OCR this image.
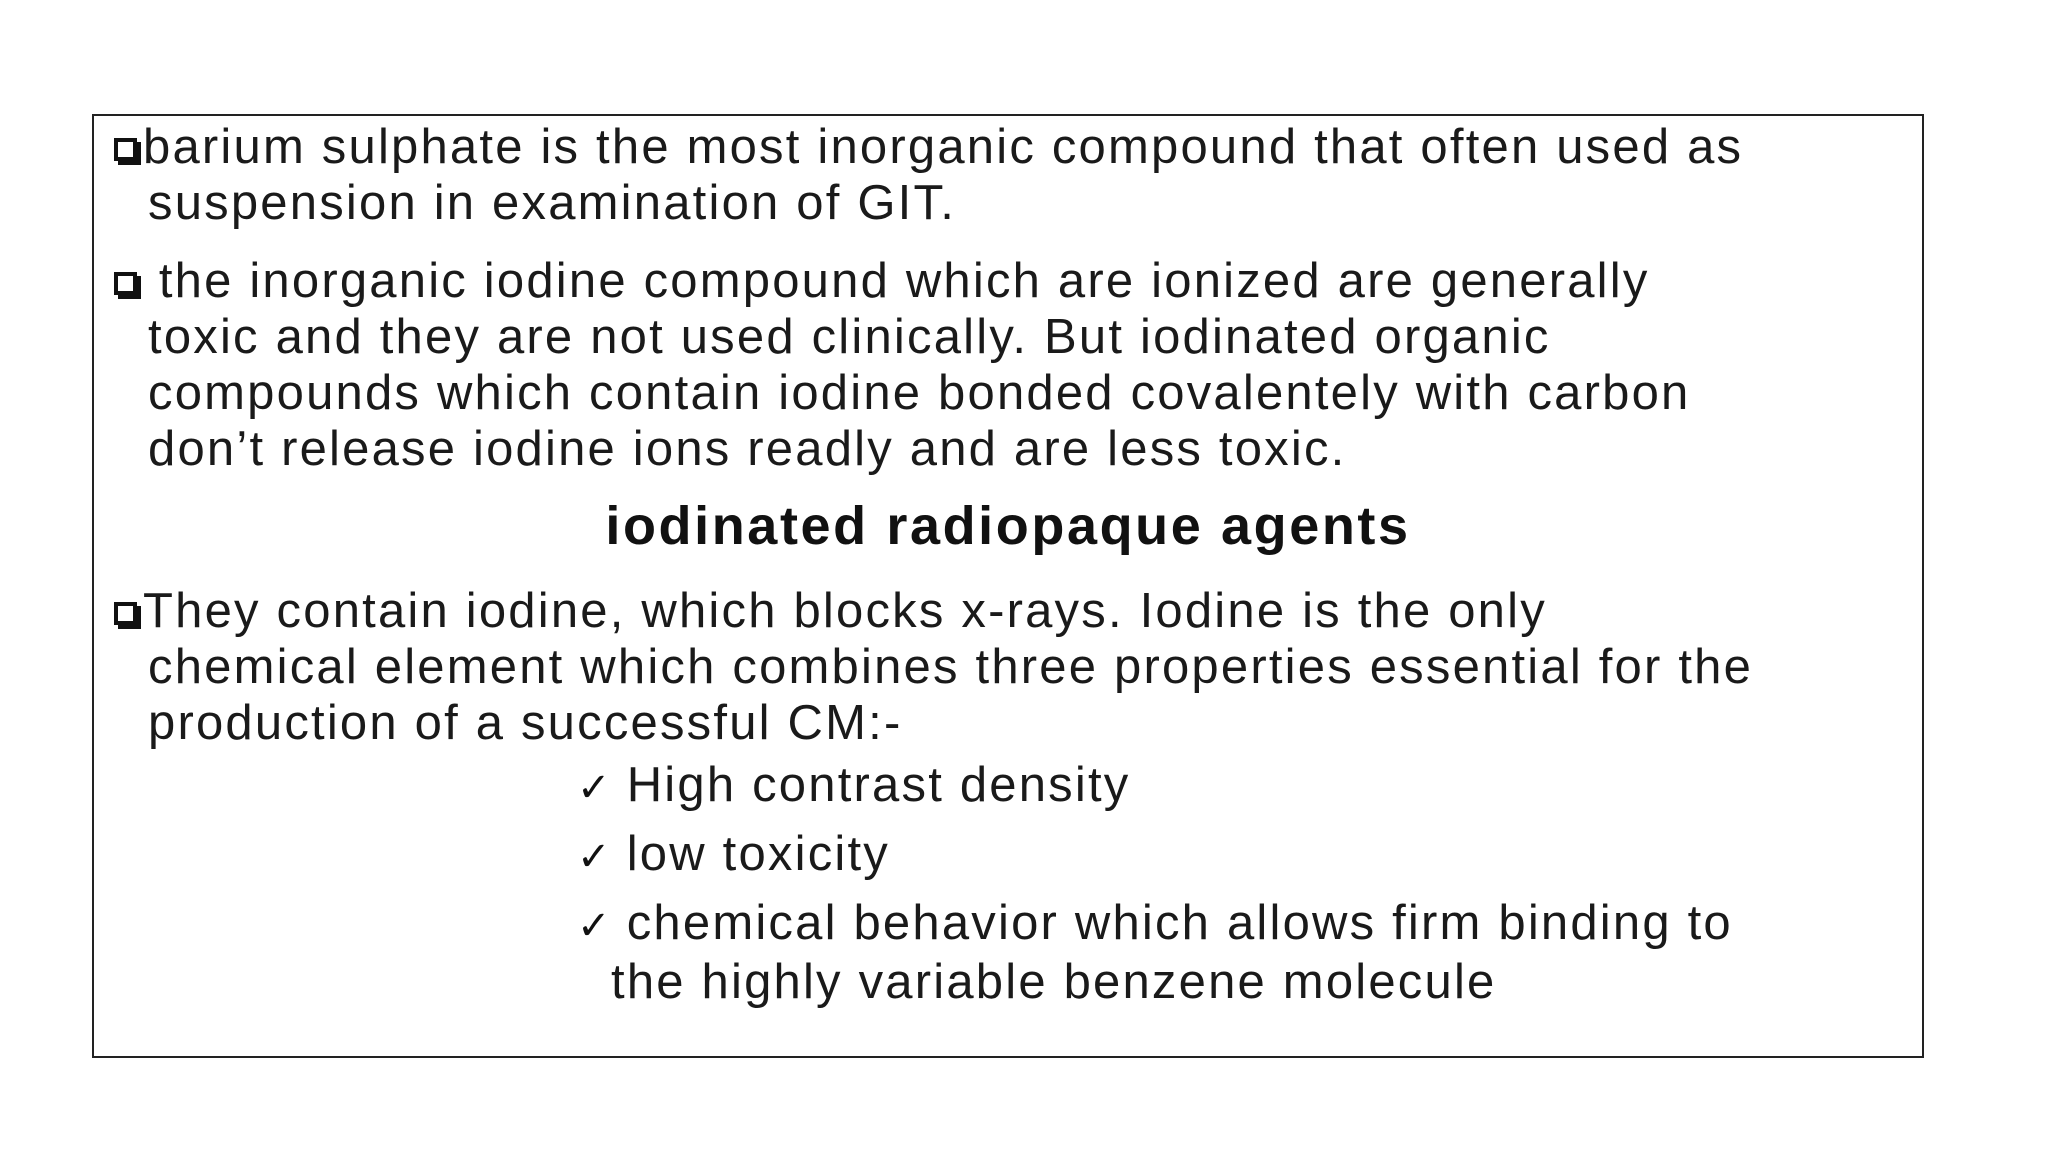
barium sulphate is the most inorganic compound that often used as
suspension in examination of GIT.

the inorganic iodine compound which are ionized are generally
toxic and they are not used clinically. But iodinated organic
compounds which contain iodine bonded covalentely with carbon
don’t release iodine ions readly and are less toxic.

iodinated radiopaque agents

They contain iodine, which blocks x-rays. Iodine is the only
chemical element which combines three properties essential for the
production of a successful CM:-

✓ High contrast density
✓ low toxicity
✓ chemical behavior which allows firm binding to
the highly variable benzene molecule
